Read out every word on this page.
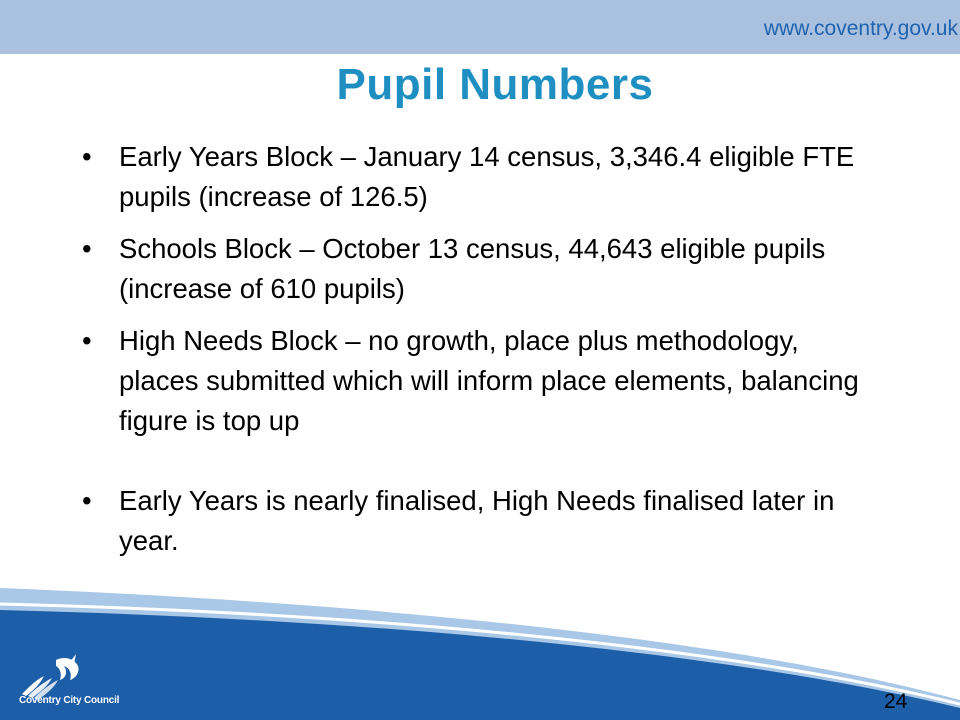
www.coventry.gov.uk
Pupil Numbers
• Early Years Block – January 14 census, 3,346.4 eligible FTE pupils (increase of 126.5)
• Schools Block – October 13 census, 44,643 eligible pupils (increase of 610 pupils)
• High Needs Block – no growth, place plus methodology, places submitted which will inform place elements, balancing figure is top up
• Early Years is nearly finalised, High Needs finalised later in year.
Coventry City Council	24
